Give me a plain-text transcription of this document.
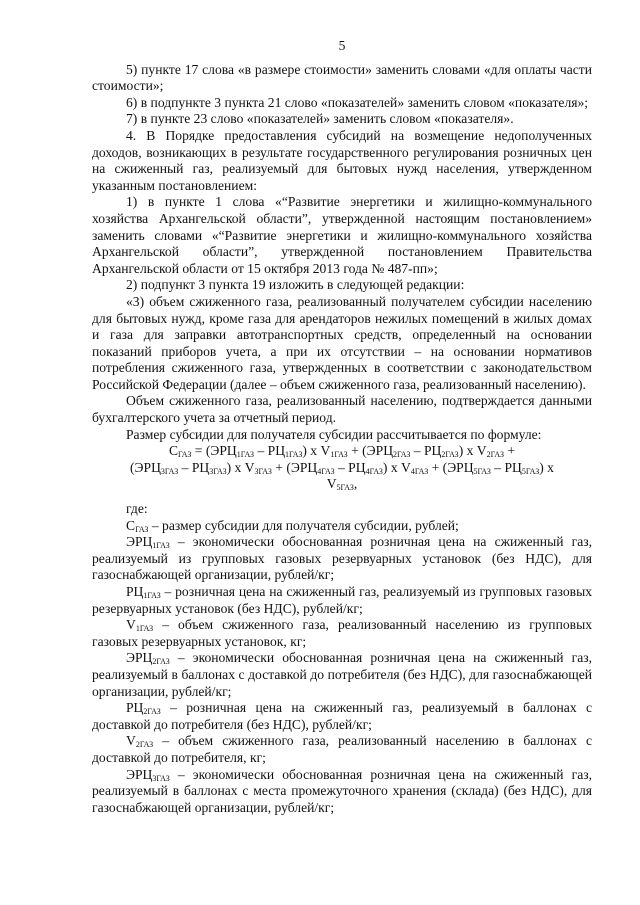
5

5) пункте 17 слова «в размере стоимости» заменить словами «для оплаты части стоимости»;

6) в подпункте 3 пункта 21 слово «показателей» заменить словом «показателя»;

7) в пункте 23 слово «показателей» заменить словом «показателя».

4. В Порядке предоставления субсидий на возмещение недополученных доходов, возникающих в результате государственного регулирования розничных цен на сжиженный газ, реализуемый для бытовых нужд населения, утвержденном указанным постановлением:

1) в пункте 1 слова «“Развитие энергетики и жилищно-коммунального хозяйства Архангельской области”, утвержденной настоящим постановлением» заменить словами «“Развитие энергетики и жилищно-коммунального хозяйства Архангельской области”, утвержденной постановлением Правительства Архангельской области от 15 октября 2013 года № 487-пп»;

2) подпункт 3 пункта 19 изложить в следующей редакции:

«3) объем сжиженного газа, реализованный получателем субсидии населению для бытовых нужд, кроме газа для арендаторов нежилых помещений в жилых домах и газа для заправки автотранспортных средств, определенный на основании показаний приборов учета, а при их отсутствии – на основании нормативов потребления сжиженного газа, утвержденных в соответствии с законодательством Российской Федерации (далее – объем сжиженного газа, реализованный населению).

Объем сжиженного газа, реализованный населению, подтверждается данными бухгалтерского учета за отчетный период.

Размер субсидии для получателя субсидии рассчитывается по формуле:

$С_{ГАЗ} = (ЭРЦ_{1ГАЗ} - РЦ_{1ГАЗ})$ х $V_{1ГАЗ} + (ЭРЦ_{2ГАЗ} - РЦ_{2ГАЗ})$ х $V_{2ГАЗ}$ +
$(ЭРЦ_{3ГАЗ} - РЦ_{3ГАЗ})$ х $V_{3ГАЗ} + (ЭРЦ_{4ГАЗ} - РЦ_{4ГАЗ})$ х $V_{4ГАЗ} + (ЭРЦ_{5ГАЗ} - РЦ_{5ГАЗ})$ х
$V_{5ГАЗ}$,

где:

$С_{ГАЗ}$ – размер субсидии для получателя субсидии, рублей;

$ЭРЦ_{1ГАЗ}$ – экономически обоснованная розничная цена на сжиженный газ, реализуемый из групповых газовых резервуарных установок (без НДС), для газоснабжающей организации, рублей/кг;

$РЦ_{1ГАЗ}$ – розничная цена на сжиженный газ, реализуемый из групповых газовых резервуарных установок (без НДС), рублей/кг;

$V_{1ГАЗ}$ – объем сжиженного газа, реализованный населению из групповых газовых резервуарных установок, кг;

$ЭРЦ_{2ГАЗ}$ – экономически обоснованная розничная цена на сжиженный газ, реализуемый в баллонах с доставкой до потребителя (без НДС), для газоснабжающей организации, рублей/кг;

$РЦ_{2ГАЗ}$ – розничная цена на сжиженный газ, реализуемый в баллонах с доставкой до потребителя (без НДС), рублей/кг;

$V_{2ГАЗ}$ – объем сжиженного газа, реализованный населению в баллонах с доставкой до потребителя, кг;

$ЭРЦ_{3ГАЗ}$ – экономически обоснованная розничная цена на сжиженный газ, реализуемый в баллонах с места промежуточного хранения (склада) (без НДС), для газоснабжающей организации, рублей/кг;
